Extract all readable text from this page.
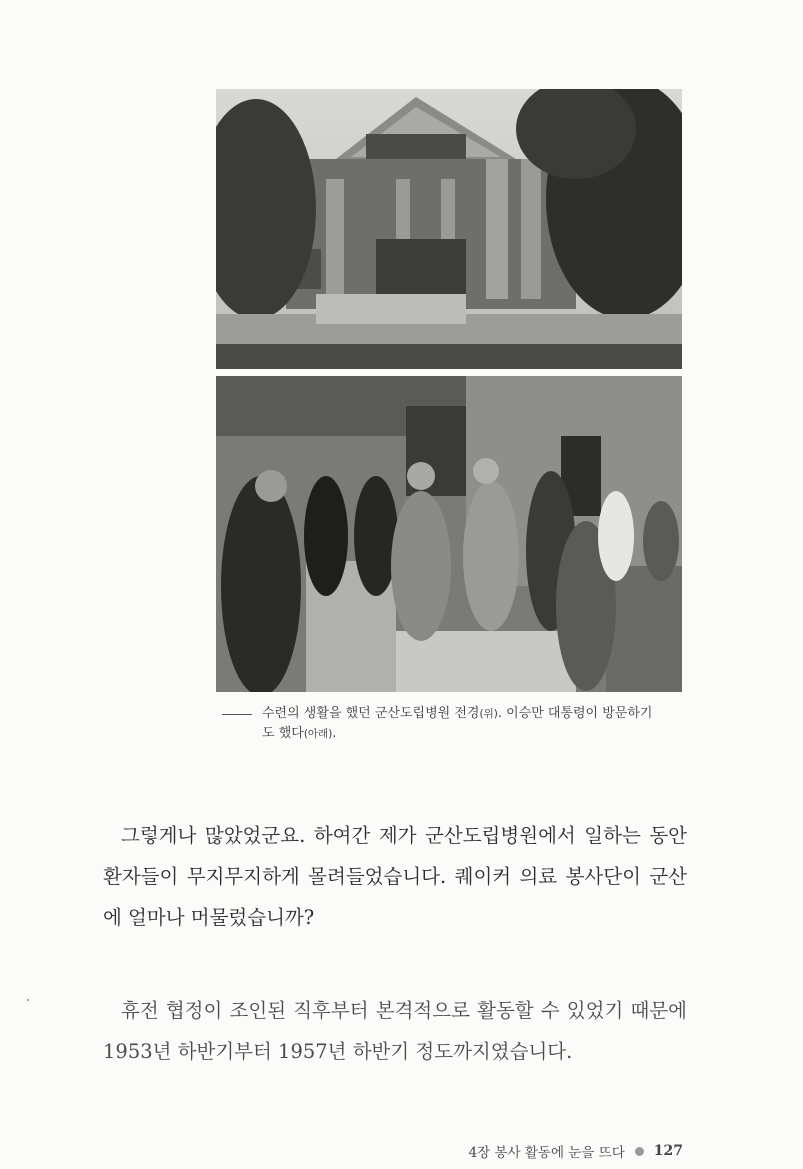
수련의 생활을 했던 군산도립병원 전경(위). 이승만 대통령이 방문하기
도 했다(아래).
그렇게나 많았었군요. 하여간 제가 군산도립병원에서 일하는 동안 환자들이 무지무지하게 몰려들었습니다. 퀘이커 의료 봉사단이 군산에 얼마나 머물렀습니까?
휴전 협정이 조인된 직후부터 본격적으로 활동할 수 있었기 때문에 1953년 하반기부터 1957년 하반기 정도까지였습니다.
4장 봉사 활동에 눈을 뜨다 127
